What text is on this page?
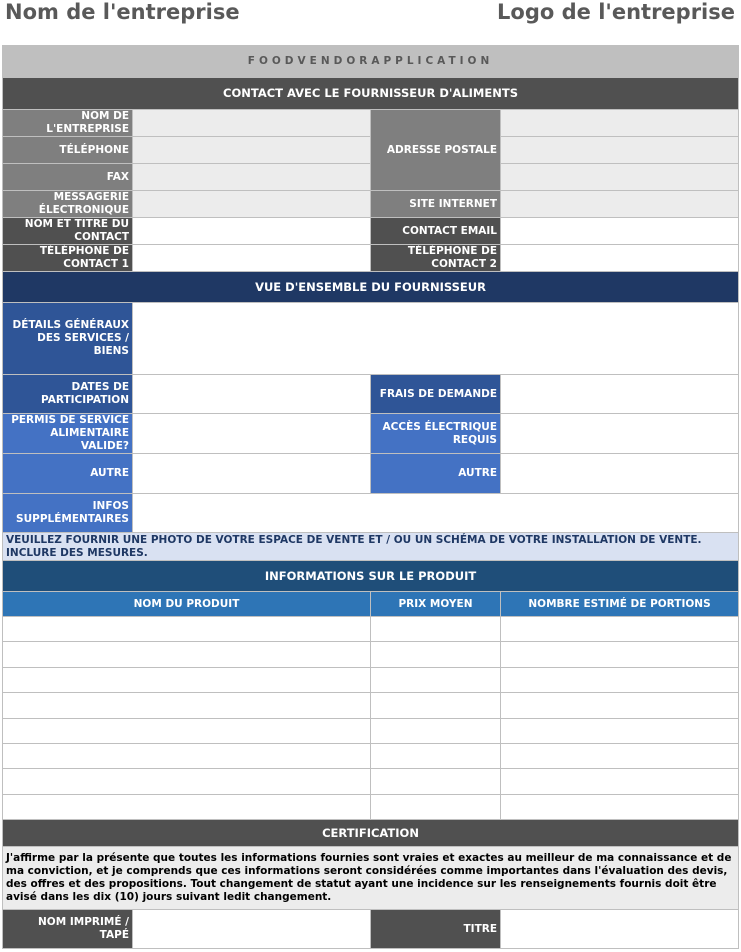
Nom de l'entreprise	Logo de l'entreprise
FOODVENDORAPPLICATION			
CONTACT AVEC LE FOURNISSEUR D'ALIMENTS			
NOM DE L'ENTREPRISE		ADRESSE POSTALE	
TÉLÉPHONE			
FAX			
MESSAGERIE ÉLECTRONIQUE		SITE INTERNET	
NOM ET TITRE DU CONTACT		CONTACT EMAIL	
TÉLÉPHONE DE CONTACT 1		TÉLÉPHONE DE CONTACT 2	
VUE D'ENSEMBLE DU FOURNISSEUR			
DÉTAILS GÉNÉRAUX DES SERVICES / BIENS			
DATES DE PARTICIPATION		FRAIS DE DEMANDE	
PERMIS DE SERVICE ALIMENTAIRE VALIDE?		ACCÈS ÉLECTRIQUE REQUIS	
AUTRE		AUTRE	
INFOS SUPPLÉMENTAIRES			
VEUILLEZ FOURNIR UNE PHOTO DE VOTRE ESPACE DE VENTE ET / OU UN SCHÉMA DE VOTRE INSTALLATION DE VENTE. INCLURE DES MESURES.			
INFORMATIONS SUR LE PRODUIT			
NOM DU PRODUIT		PRIX MOYEN	NOMBRE ESTIMÉ DE PORTIONS

CERTIFICATION			
J'affirme par la présente que toutes les informations fournies sont vraies et exactes au meilleur de ma connaissance et de ma conviction, et je comprends que ces informations seront considérées comme importantes dans l'évaluation des devis, des offres et des propositions. Tout changement de statut ayant une incidence sur les renseignements fournis doit être avisé dans les dix (10) jours suivant ledit changement.			
NOM IMPRIMÉ / TAPÉ		TITRE	
